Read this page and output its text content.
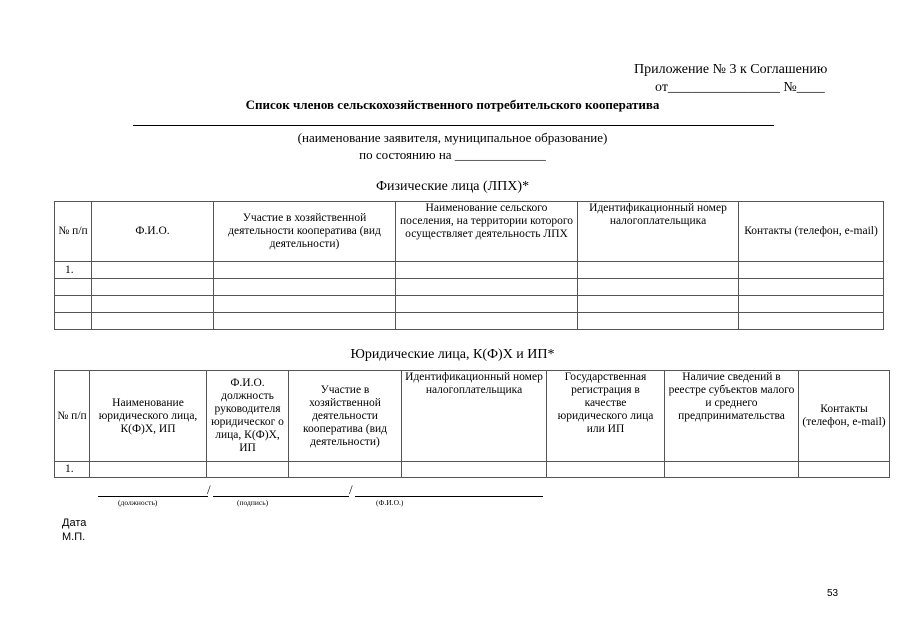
Приложение № 3 к Соглашению
от________________ №____
Список членов сельскохозяйственного потребительского кооператива
(наименование заявителя, муниципальное образование)
по состоянию на ______________
Физические лица (ЛПХ)*
№ п/п	Ф.И.О.	Участие в хозяйственной деятельности кооператива (вид деятельности)	Наименование сельского поселения, на территории которого осуществляет деятельность ЛПХ	Идентификационный номер налогоплательщика	Контакты (телефон, e-mail)
1.					

Юридические лица, К(Ф)Х и ИП*
№ п/п	Наименование юридического лица, К(Ф)Х, ИП	Ф.И.О. должность руководителя юридическог о лица, К(Ф)Х, ИП	Участие в хозяйственной деятельности кооператива (вид деятельности)	Идентификационный номер налогоплательщика	Государственная регистрация в качестве юридического лица или ИП	Наличие сведений в реестре субъектов малого и среднего предпринимательства	Контакты (телефон, e-mail)
1.							
/	/
(должность)	(подпись)	(Ф.И.О.)
Дата
М.П.
53
